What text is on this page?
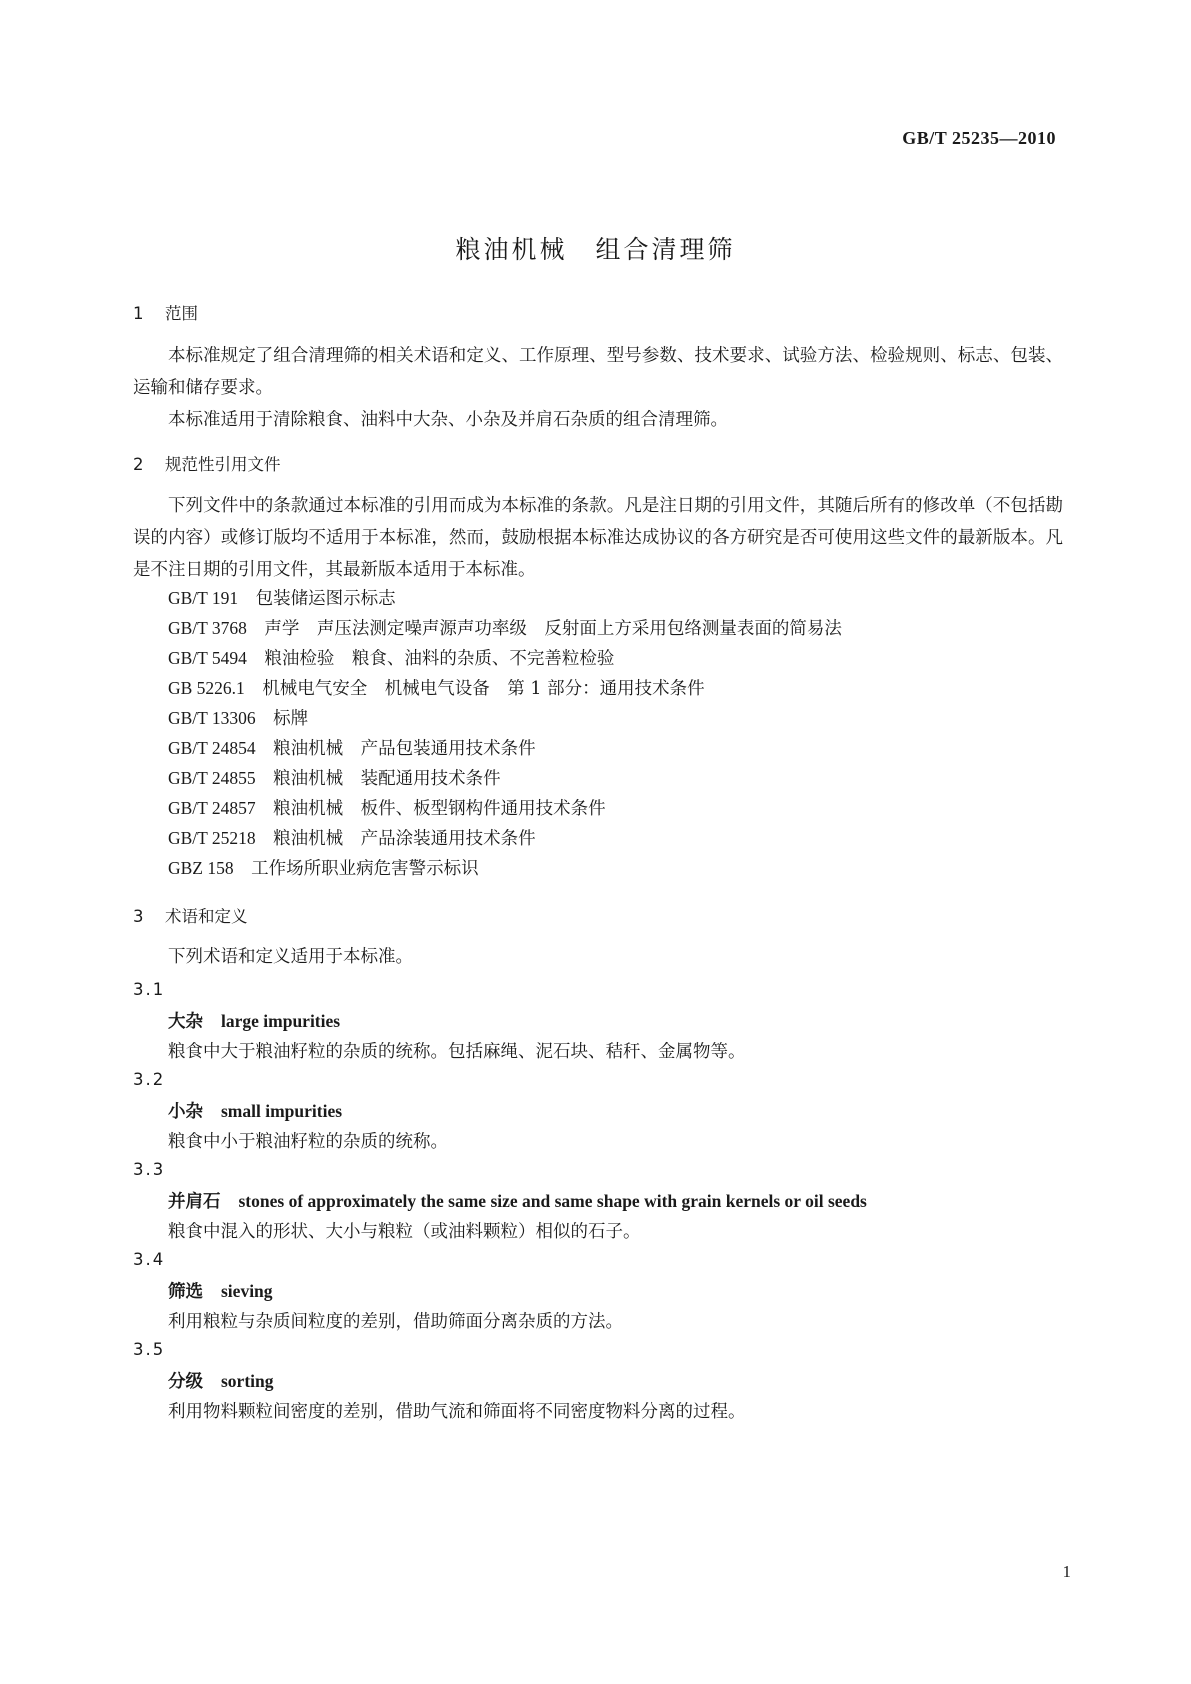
GB/T 25235—2010
粮油机械　组合清理筛
1 范围
本标准规定了组合清理筛的相关术语和定义、工作原理、型号参数、技术要求、试验方法、检验规则、标志、包装、运输和储存要求。
本标准适用于清除粮食、油料中大杂、小杂及并肩石杂质的组合清理筛。
2 规范性引用文件
下列文件中的条款通过本标准的引用而成为本标准的条款。凡是注日期的引用文件，其随后所有的修改单（不包括勘误的内容）或修订版均不适用于本标准，然而，鼓励根据本标准达成协议的各方研究是否可使用这些文件的最新版本。凡是不注日期的引用文件，其最新版本适用于本标准。
GB/T 191　 包装储运图示标志
GB/T 3768　 声学　声压法测定噪声源声功率级　反射面上方采用包络测量表面的简易法
GB/T 5494　 粮油检验　粮食、油料的杂质、不完善粒检验
GB 5226.1　 机械电气安全　机械电气设备　第 1 部分：通用技术条件
GB/T 13306　 标牌
GB/T 24854　 粮油机械　产品包装通用技术条件
GB/T 24855　 粮油机械　装配通用技术条件
GB/T 24857　 粮油机械　板件、板型钢构件通用技术条件
GB/T 25218　 粮油机械　产品涂装通用技术条件
GBZ 158　 工作场所职业病危害警示标识
3 术语和定义
下列术语和定义适用于本标准。
3.1
大杂 large impurities
粮食中大于粮油籽粒的杂质的统称。包括麻绳、泥石块、秸秆、金属物等。
3.2
小杂 small impurities
粮食中小于粮油籽粒的杂质的统称。
3.3
并肩石 stones of approximately the same size and same shape with grain kernels or oil seeds
粮食中混入的形状、大小与粮粒（或油料颗粒）相似的石子。
3.4
筛选 sieving
利用粮粒与杂质间粒度的差别，借助筛面分离杂质的方法。
3.5
分级 sorting
利用物料颗粒间密度的差别，借助气流和筛面将不同密度物料分离的过程。
1
